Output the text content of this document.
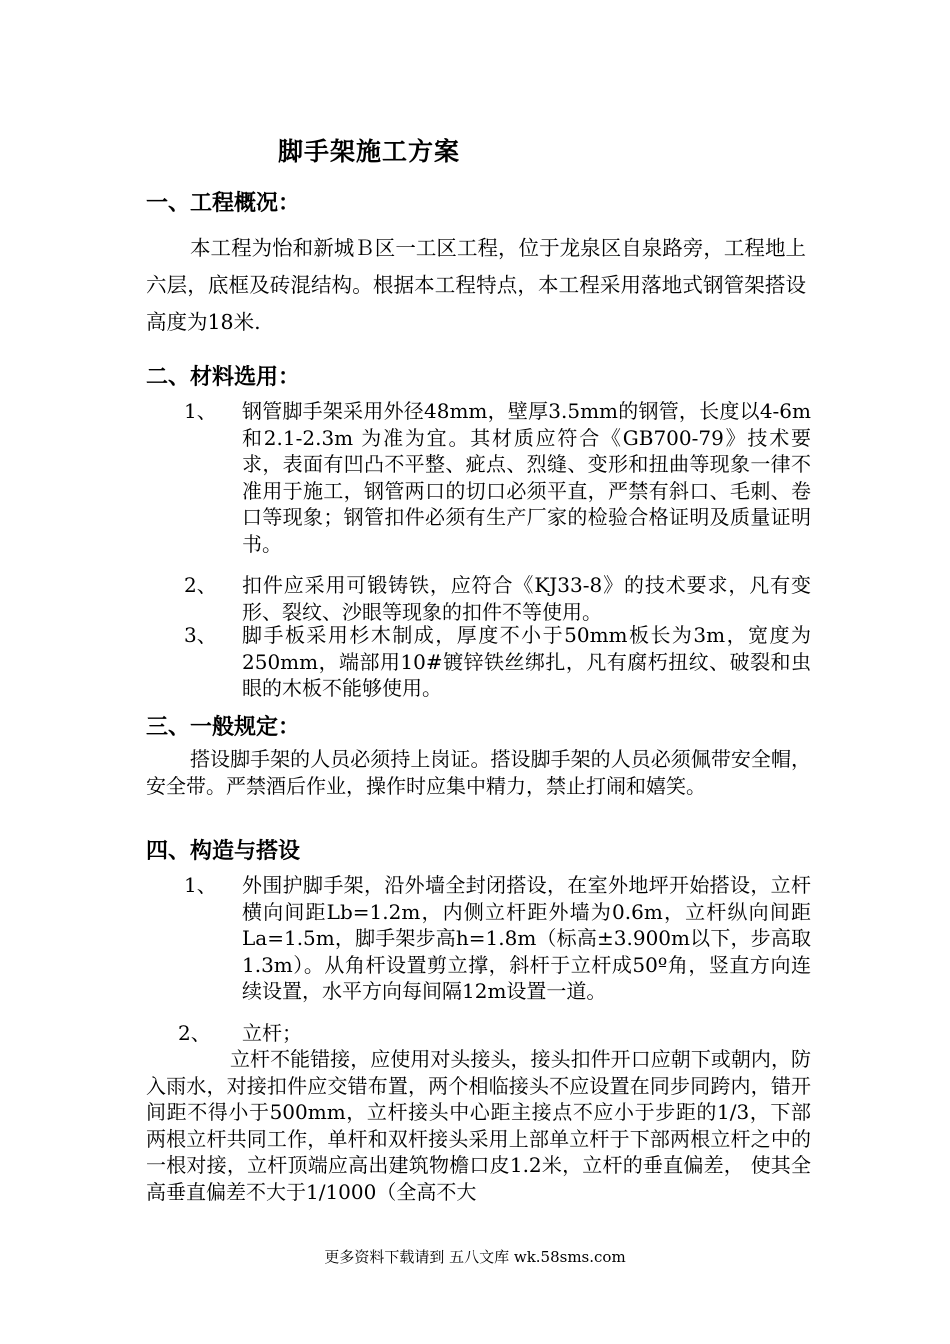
脚手架施工方案
一、工程概况：
本工程为怡和新城Ｂ区一工区工程，位于龙泉区自泉路旁，工程地上六层，底框及砖混结构。根据本工程特点，本工程采用落地式钢管架搭设高度为18米.
二、材料选用：
1、 钢管脚手架采用外径48mm，壁厚3.5mm的钢管，长度以4-6m和2.1-2.3m 为准为宜。其材质应符合《GB700-79》技术要求，表面有凹凸不平整、疵点、烈缝、变形和扭曲等现象一律不准用于施工，钢管两口的切口必须平直，严禁有斜口、毛刺、卷口等现象；钢管扣件必须有生产厂家的检验合格证明及质量证明书。
2、 扣件应采用可锻铸铁，应符合《KJ33-8》的技术要求，凡有变形、裂纹、沙眼等现象的扣件不等使用。
3、 脚手板采用杉木制成，厚度不小于50mm板长为3m，宽度为250mm，端部用10#镀锌铁丝绑扎，凡有腐朽扭纹、破裂和虫眼的木板不能够使用。
三、一般规定：
搭设脚手架的人员必须持上岗证。搭设脚手架的人员必须佩带安全帽，安全带。严禁酒后作业，操作时应集中精力，禁止打闹和嬉笑。
四、构造与搭设
1、 外围护脚手架，沿外墙全封闭搭设，在室外地坪开始搭设，立杆横向间距Lb=1.2m，内侧立杆距外墙为0.6m，立杆纵向间距La=1.5m，脚手架步高h=1.8m（标高±3.900m以下，步高取1.3m）。从角杆设置剪立撑，斜杆于立杆成50º角，竖直方向连续设置，水平方向每间隔12m设置一道。
2、 立杆；
立杆不能错接，应使用对头接头，接头扣件开口应朝下或朝内，防入雨水，对接扣件应交错布置，两个相临接头不应设置在同步同跨内，错开间距不得小于500mm，立杆接头中心距主接点不应小于步距的1/3，下部两根立杆共同工作，单杆和双杆接头采用上部单立杆于下部两根立杆之中的一根对接，立杆顶端应高出建筑物檐口皮1.2米，立杆的垂直偏差， 使其全高垂直偏差不大于1/1000（全高不大
更多资料下载请到 五八文库 wk.58sms.com
